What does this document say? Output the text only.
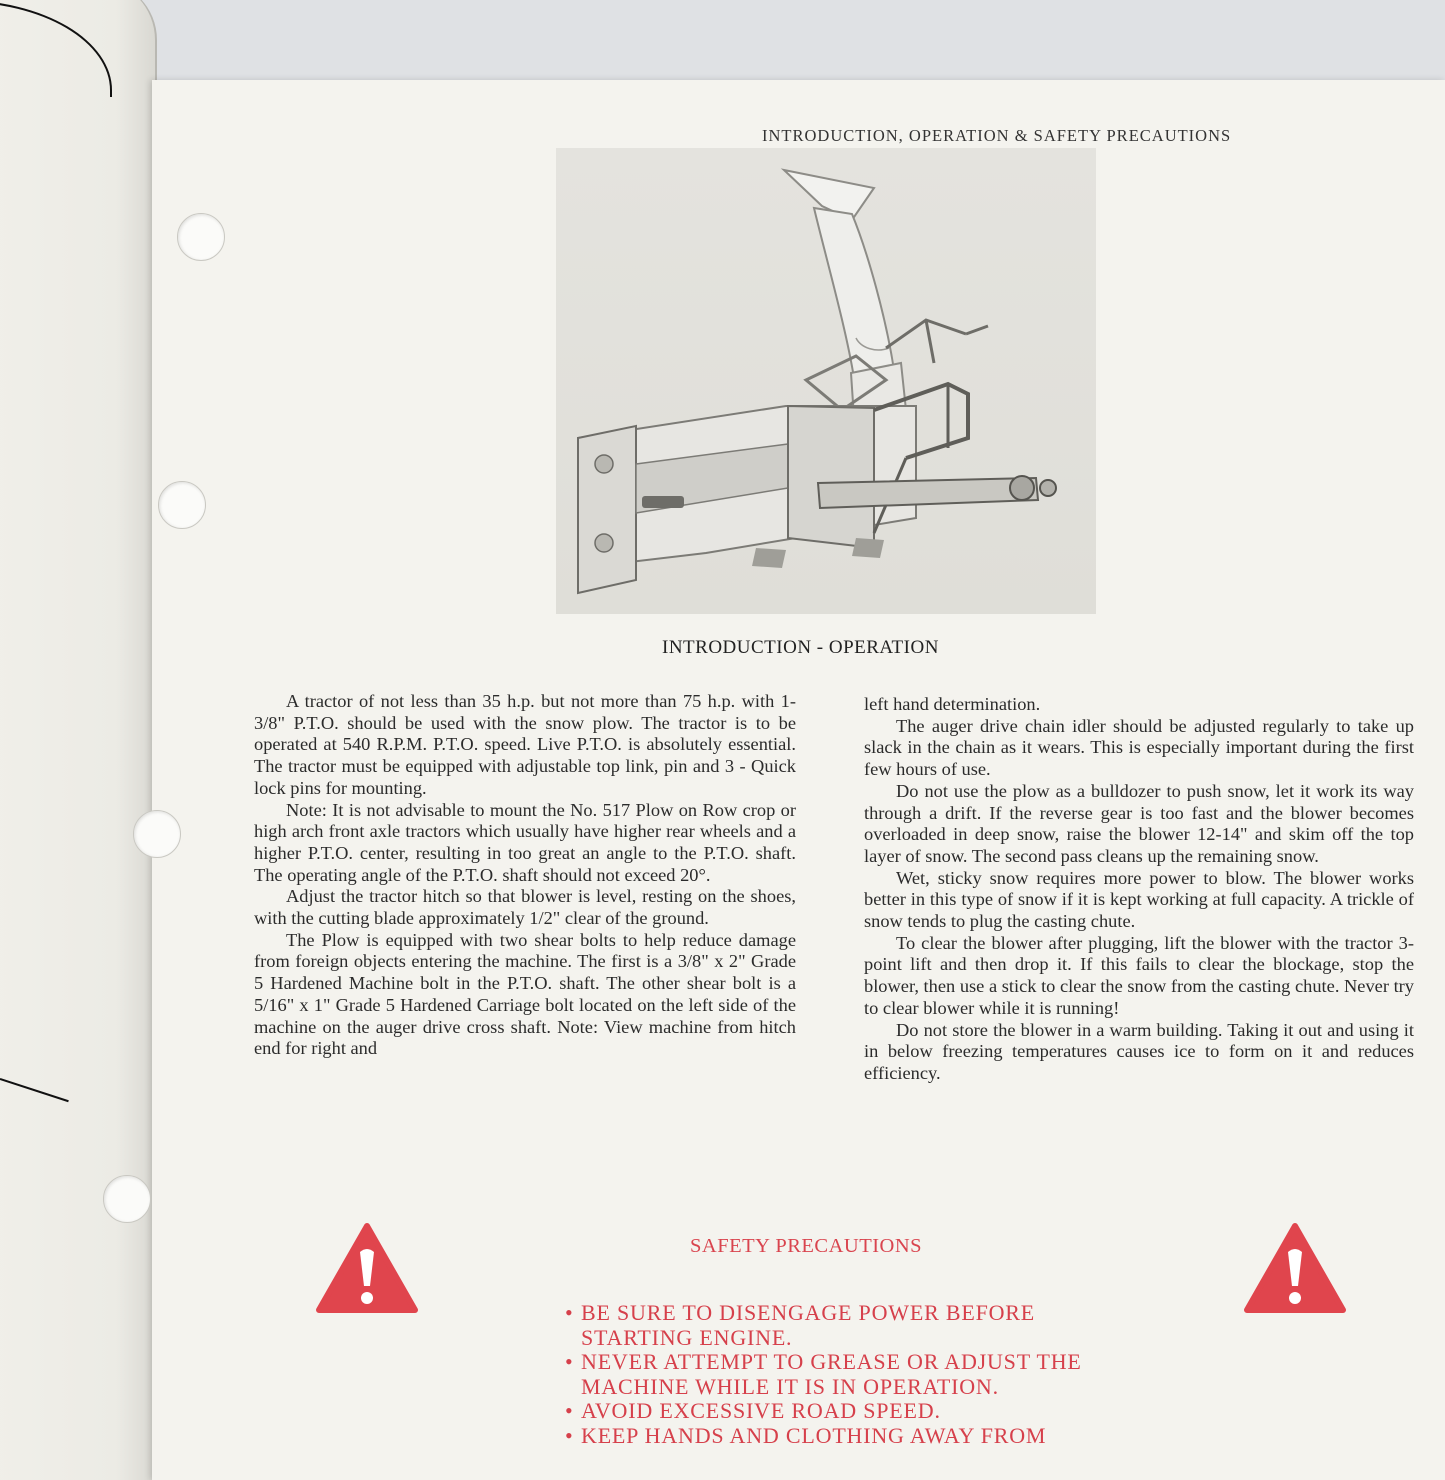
INTRODUCTION, OPERATION & SAFETY PRECAUTIONS
INTRODUCTION - OPERATION

A tractor of not less than 35 h.p. but not more than 75 h.p. with 1-3/8" P.T.O. should be used with the snow plow. The tractor is to be operated at 540 R.P.M. P.T.O. speed. Live P.T.O. is absolutely essential. The tractor must be equipped with adjustable top link, pin and 3 - Quick lock pins for mounting.

Note: It is not advisable to mount the No. 517 Plow on Row crop or high arch front axle tractors which usually have higher rear wheels and a higher P.T.O. center, resulting in too great an angle to the P.T.O. shaft. The operating angle of the P.T.O. shaft should not exceed 20°.

Adjust the tractor hitch so that blower is level, resting on the shoes, with the cutting blade approximately 1/2" clear of the ground.

The Plow is equipped with two shear bolts to help reduce damage from foreign objects entering the machine. The first is a 3/8" x 2" Grade 5 Hardened Machine bolt in the P.T.O. shaft. The other shear bolt is a 5/16" x 1" Grade 5 Hardened Carriage bolt located on the left side of the machine on the auger drive cross shaft. Note: View machine from hitch end for right and

left hand determination.

The auger drive chain idler should be adjusted regularly to take up slack in the chain as it wears. This is especially important during the first few hours of use.

Do not use the plow as a bulldozer to push snow, let it work its way through a drift. If the reverse gear is too fast and the blower becomes overloaded in deep snow, raise the blower 12-14" and skim off the top layer of snow. The second pass cleans up the remaining snow.

Wet, sticky snow requires more power to blow. The blower works better in this type of snow if it is kept working at full capacity. A trickle of snow tends to plug the casting chute.

To clear the blower after plugging, lift the blower with the tractor 3-point lift and then drop it. If this fails to clear the blockage, stop the blower, then use a stick to clear the snow from the casting chute. Never try to clear blower while it is running!

Do not store the blower in a warm building. Taking it out and using it in below freezing temperatures causes ice to form on it and reduces efficiency.

SAFETY PRECAUTIONS
• BE SURE TO DISENGAGE POWER BEFORE STARTING ENGINE.
• NEVER ATTEMPT TO GREASE OR ADJUST THE MACHINE WHILE IT IS IN OPERATION.
• AVOID EXCESSIVE ROAD SPEED.
• KEEP HANDS AND CLOTHING AWAY FROM
